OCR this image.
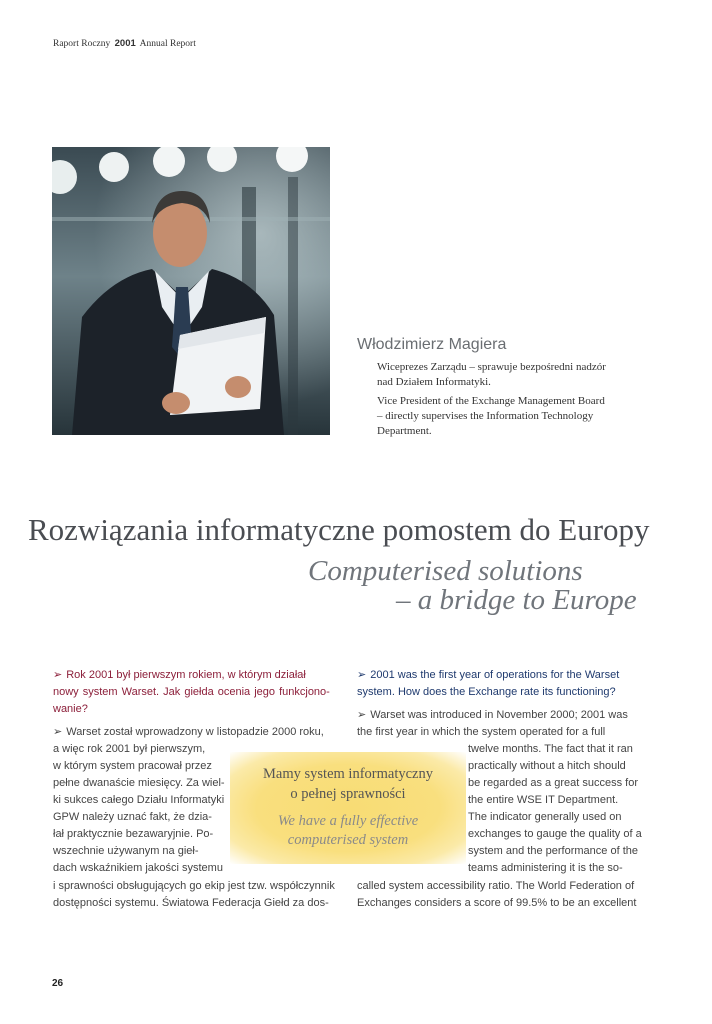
Raport Roczny 2001 Annual Report
Włodzimierz Magiera
Wiceprezes Zarządu – sprawuje bezpośredni nadzór
nad Działem Informatyki.
Vice President of the Exchange Management Board
– directly supervises the Information Technology
Department.
Rozwiązania informatyczne pomostem do Europy
Computerised solutions
– a bridge to Europe
➢ Rok 2001 był pierwszym rokiem, w którym działał
nowy system Warset. Jak giełda ocenia jego funkcjono-
wanie?
➢ Warset został wprowadzony w listopadzie 2000 roku,
a więc rok 2001 był pierwszym,
w którym system pracował przez
pełne dwanaście miesięcy. Za wiel-
ki sukces całego Działu Informatyki
GPW należy uznać fakt, że dzia-
łał praktycznie bezawaryjnie. Po-
wszechnie używanym na gieł-
dach wskaźnikiem jakości systemu
i sprawności obsługujących go ekip jest tzw. współczynnik
dostępności systemu. Światowa Federacja Giełd za dos-
➢ 2001 was the first year of operations for the Warset
system. How does the Exchange rate its functioning?
➢ Warset was introduced in November 2000; 2001 was
the first year in which the system operated for a full
twelve months. The fact that it ran
practically without a hitch should
be regarded as a great success for
the entire WSE IT Department.
The indicator generally used on
exchanges to gauge the quality of a
system and the performance of the
teams administering it is the so-
called system accessibility ratio. The World Federation of
Exchanges considers a score of 99.5% to be an excellent
Mamy system informatyczny
o pełnej sprawności
We have a fully effective
computerised system
26
